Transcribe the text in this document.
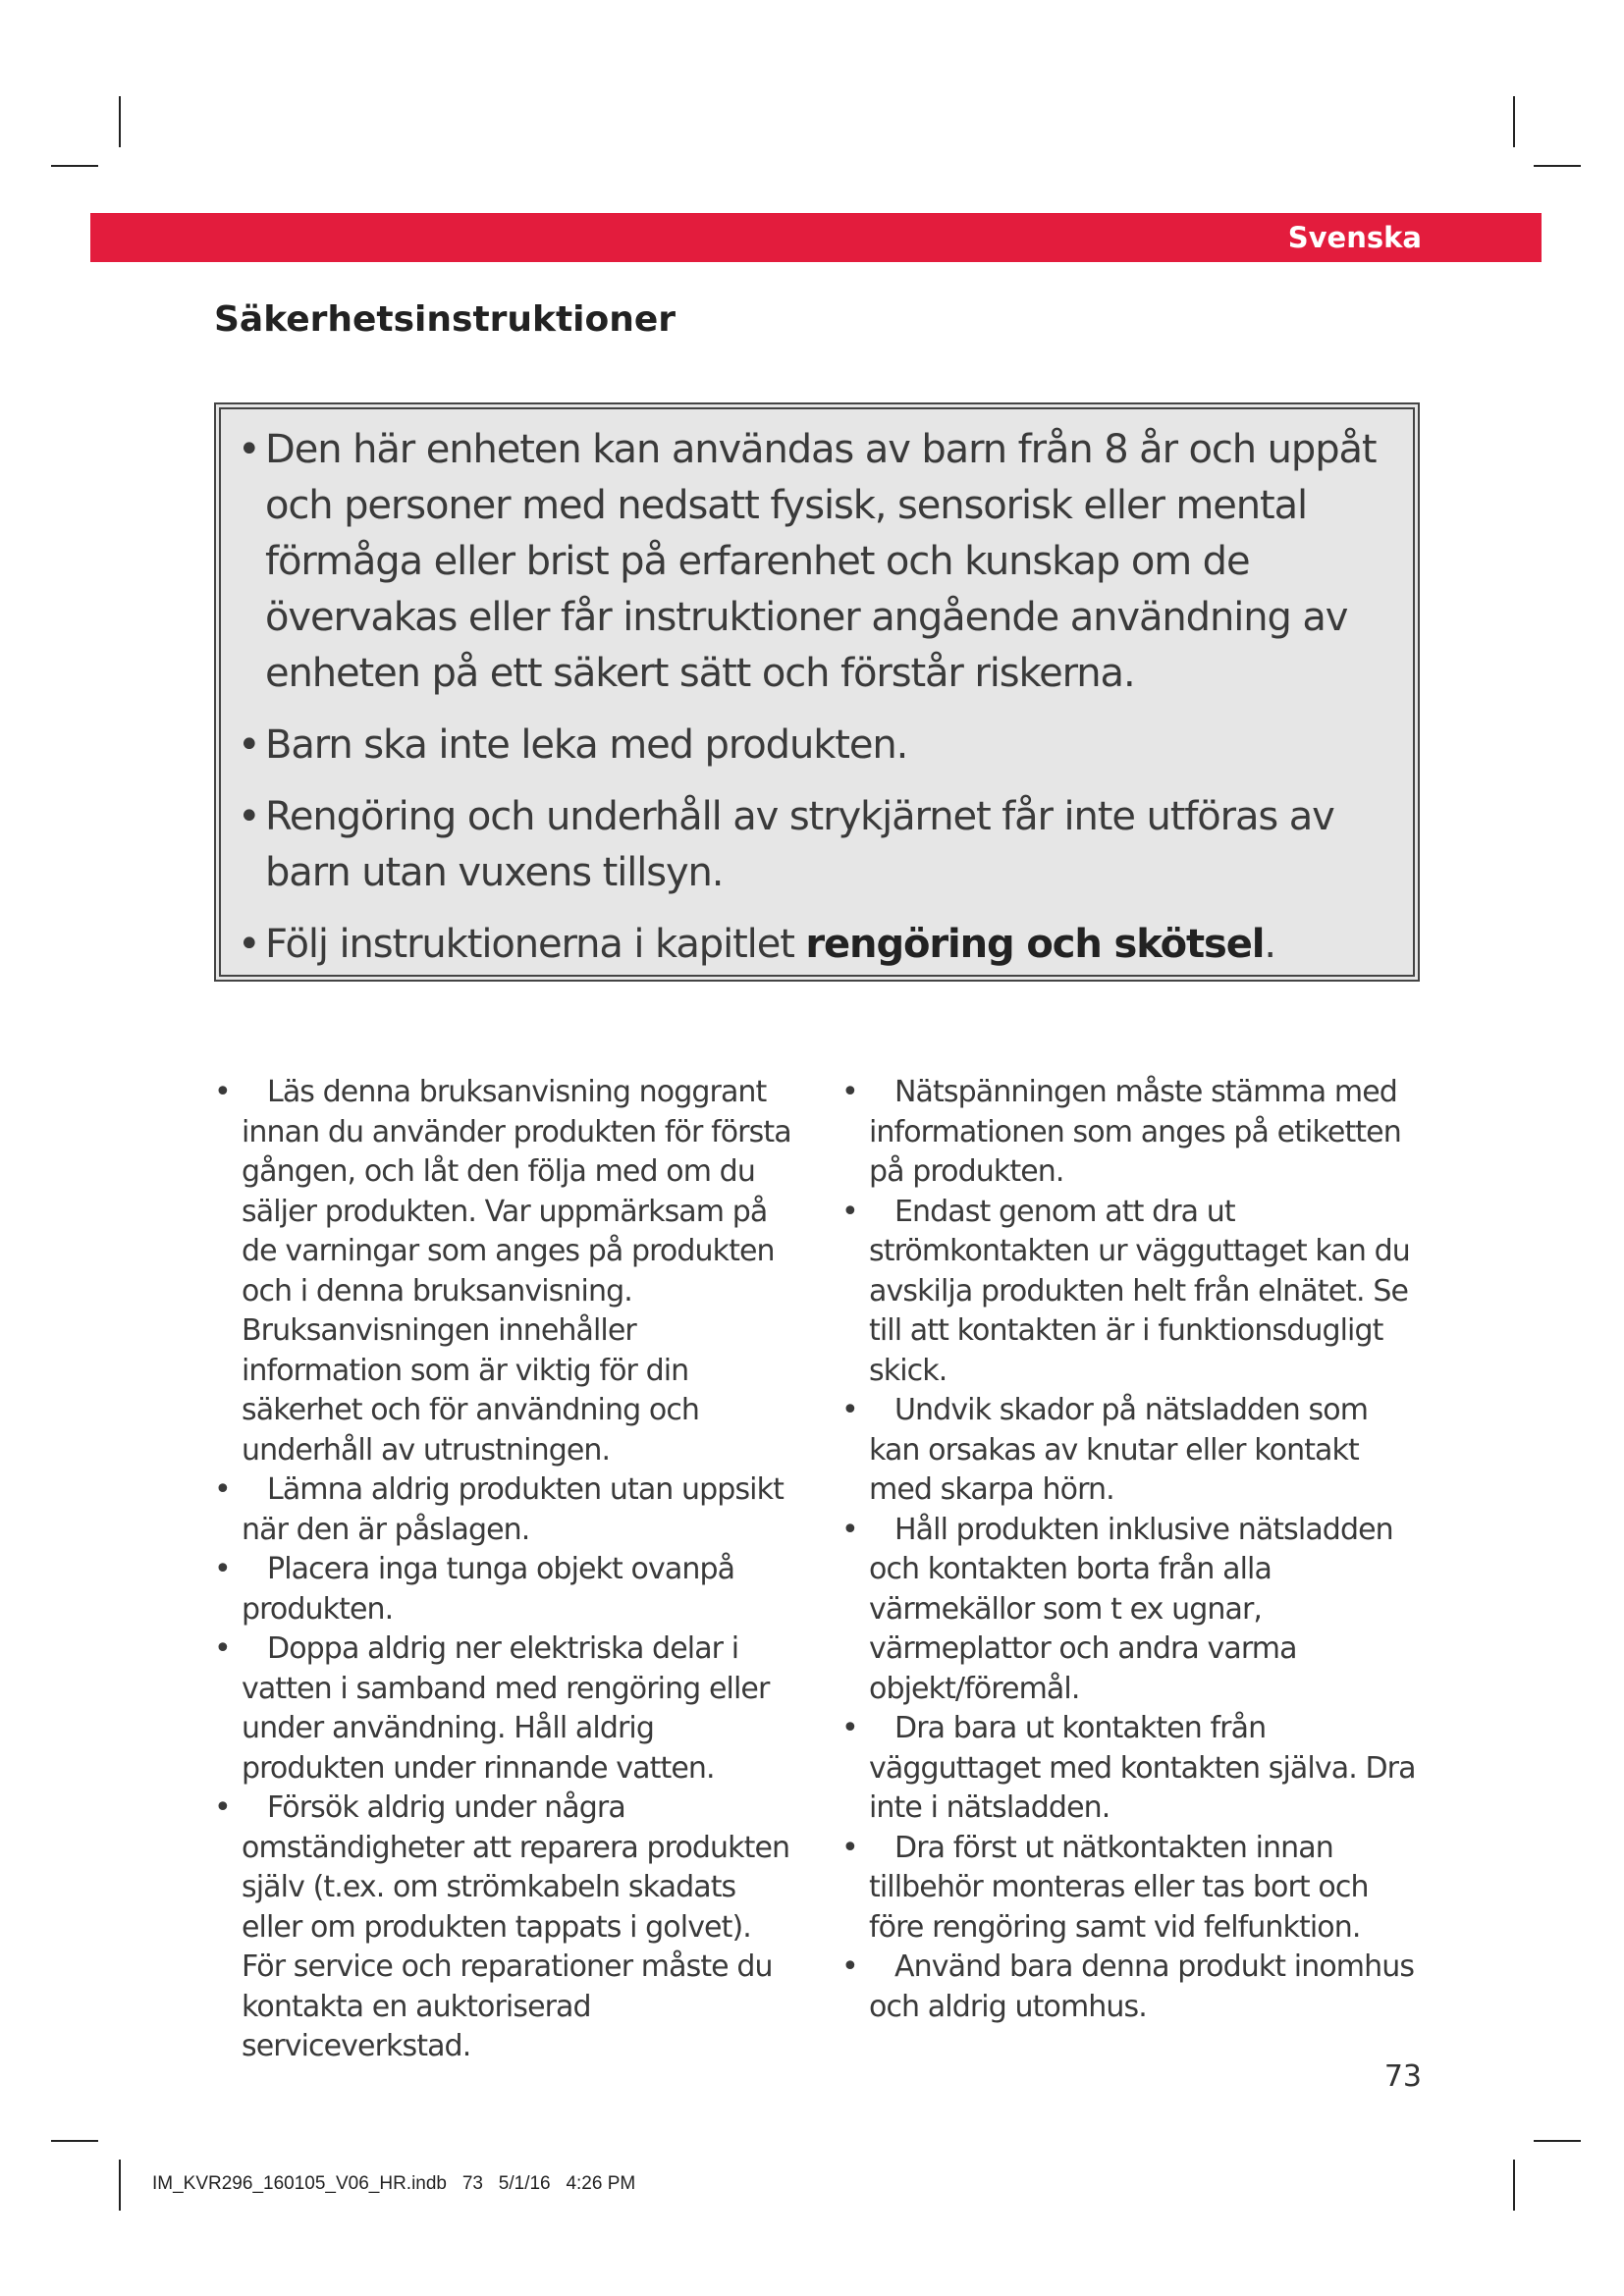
Svenska
Säkerhetsinstruktioner
• Den här enheten kan användas av barn från 8 år och uppåt och personer med nedsatt fysisk, sensorisk eller mental förmåga eller brist på erfarenhet och kunskap om de övervakas eller får instruktioner angående användning av enheten på ett säkert sätt och förstår riskerna.
• Barn ska inte leka med produkten.
• Rengöring och underhåll av strykjärnet får inte utföras av barn utan vuxens tillsyn.
• Följ instruktionerna i kapitlet rengöring och skötsel.
•	Läs denna bruksanvisning noggrant innan du använder produkten för första gången, och låt den följa med om du säljer produkten. Var uppmärksam på de varningar som anges på produkten och i denna bruksanvisning. Bruksanvisningen innehåller information som är viktig för din säkerhet och för användning och underhåll av utrustningen.
•	Lämna aldrig produkten utan uppsikt när den är påslagen.
•	Placera inga tunga objekt ovanpå produkten.
•	Doppa aldrig ner elektriska delar i vatten i samband med rengöring eller under användning. Håll aldrig produkten under rinnande vatten.
•	Försök aldrig under några omständigheter att reparera produkten själv (t.ex. om strömkabeln skadats eller om produkten tappats i golvet). För service och reparationer måste du kontakta en auktoriserad serviceverkstad.
•	Nätspänningen måste stämma med informationen som anges på etiketten på produkten.
•	Endast genom att dra ut strömkontakten ur vägguttaget kan du avskilja produkten helt från elnätet. Se till att kontakten är i funktionsdugligt skick.
•	Undvik skador på nätsladden som kan orsakas av knutar eller kontakt med skarpa hörn.
•	Håll produkten inklusive nätsladden och kontakten borta från alla värmekällor som t ex ugnar, värmeplattor och andra varma objekt/föremål.
•	Dra bara ut kontakten från vägguttaget med kontakten själva. Dra inte i nätsladden.
•	Dra först ut nätkontakten innan tillbehör monteras eller tas bort och före rengöring samt vid felfunktion.
•	Använd bara denna produkt inomhus och aldrig utomhus.
73
IM_KVR296_160105_V06_HR.indb   73   5/1/16   4:26 PM
